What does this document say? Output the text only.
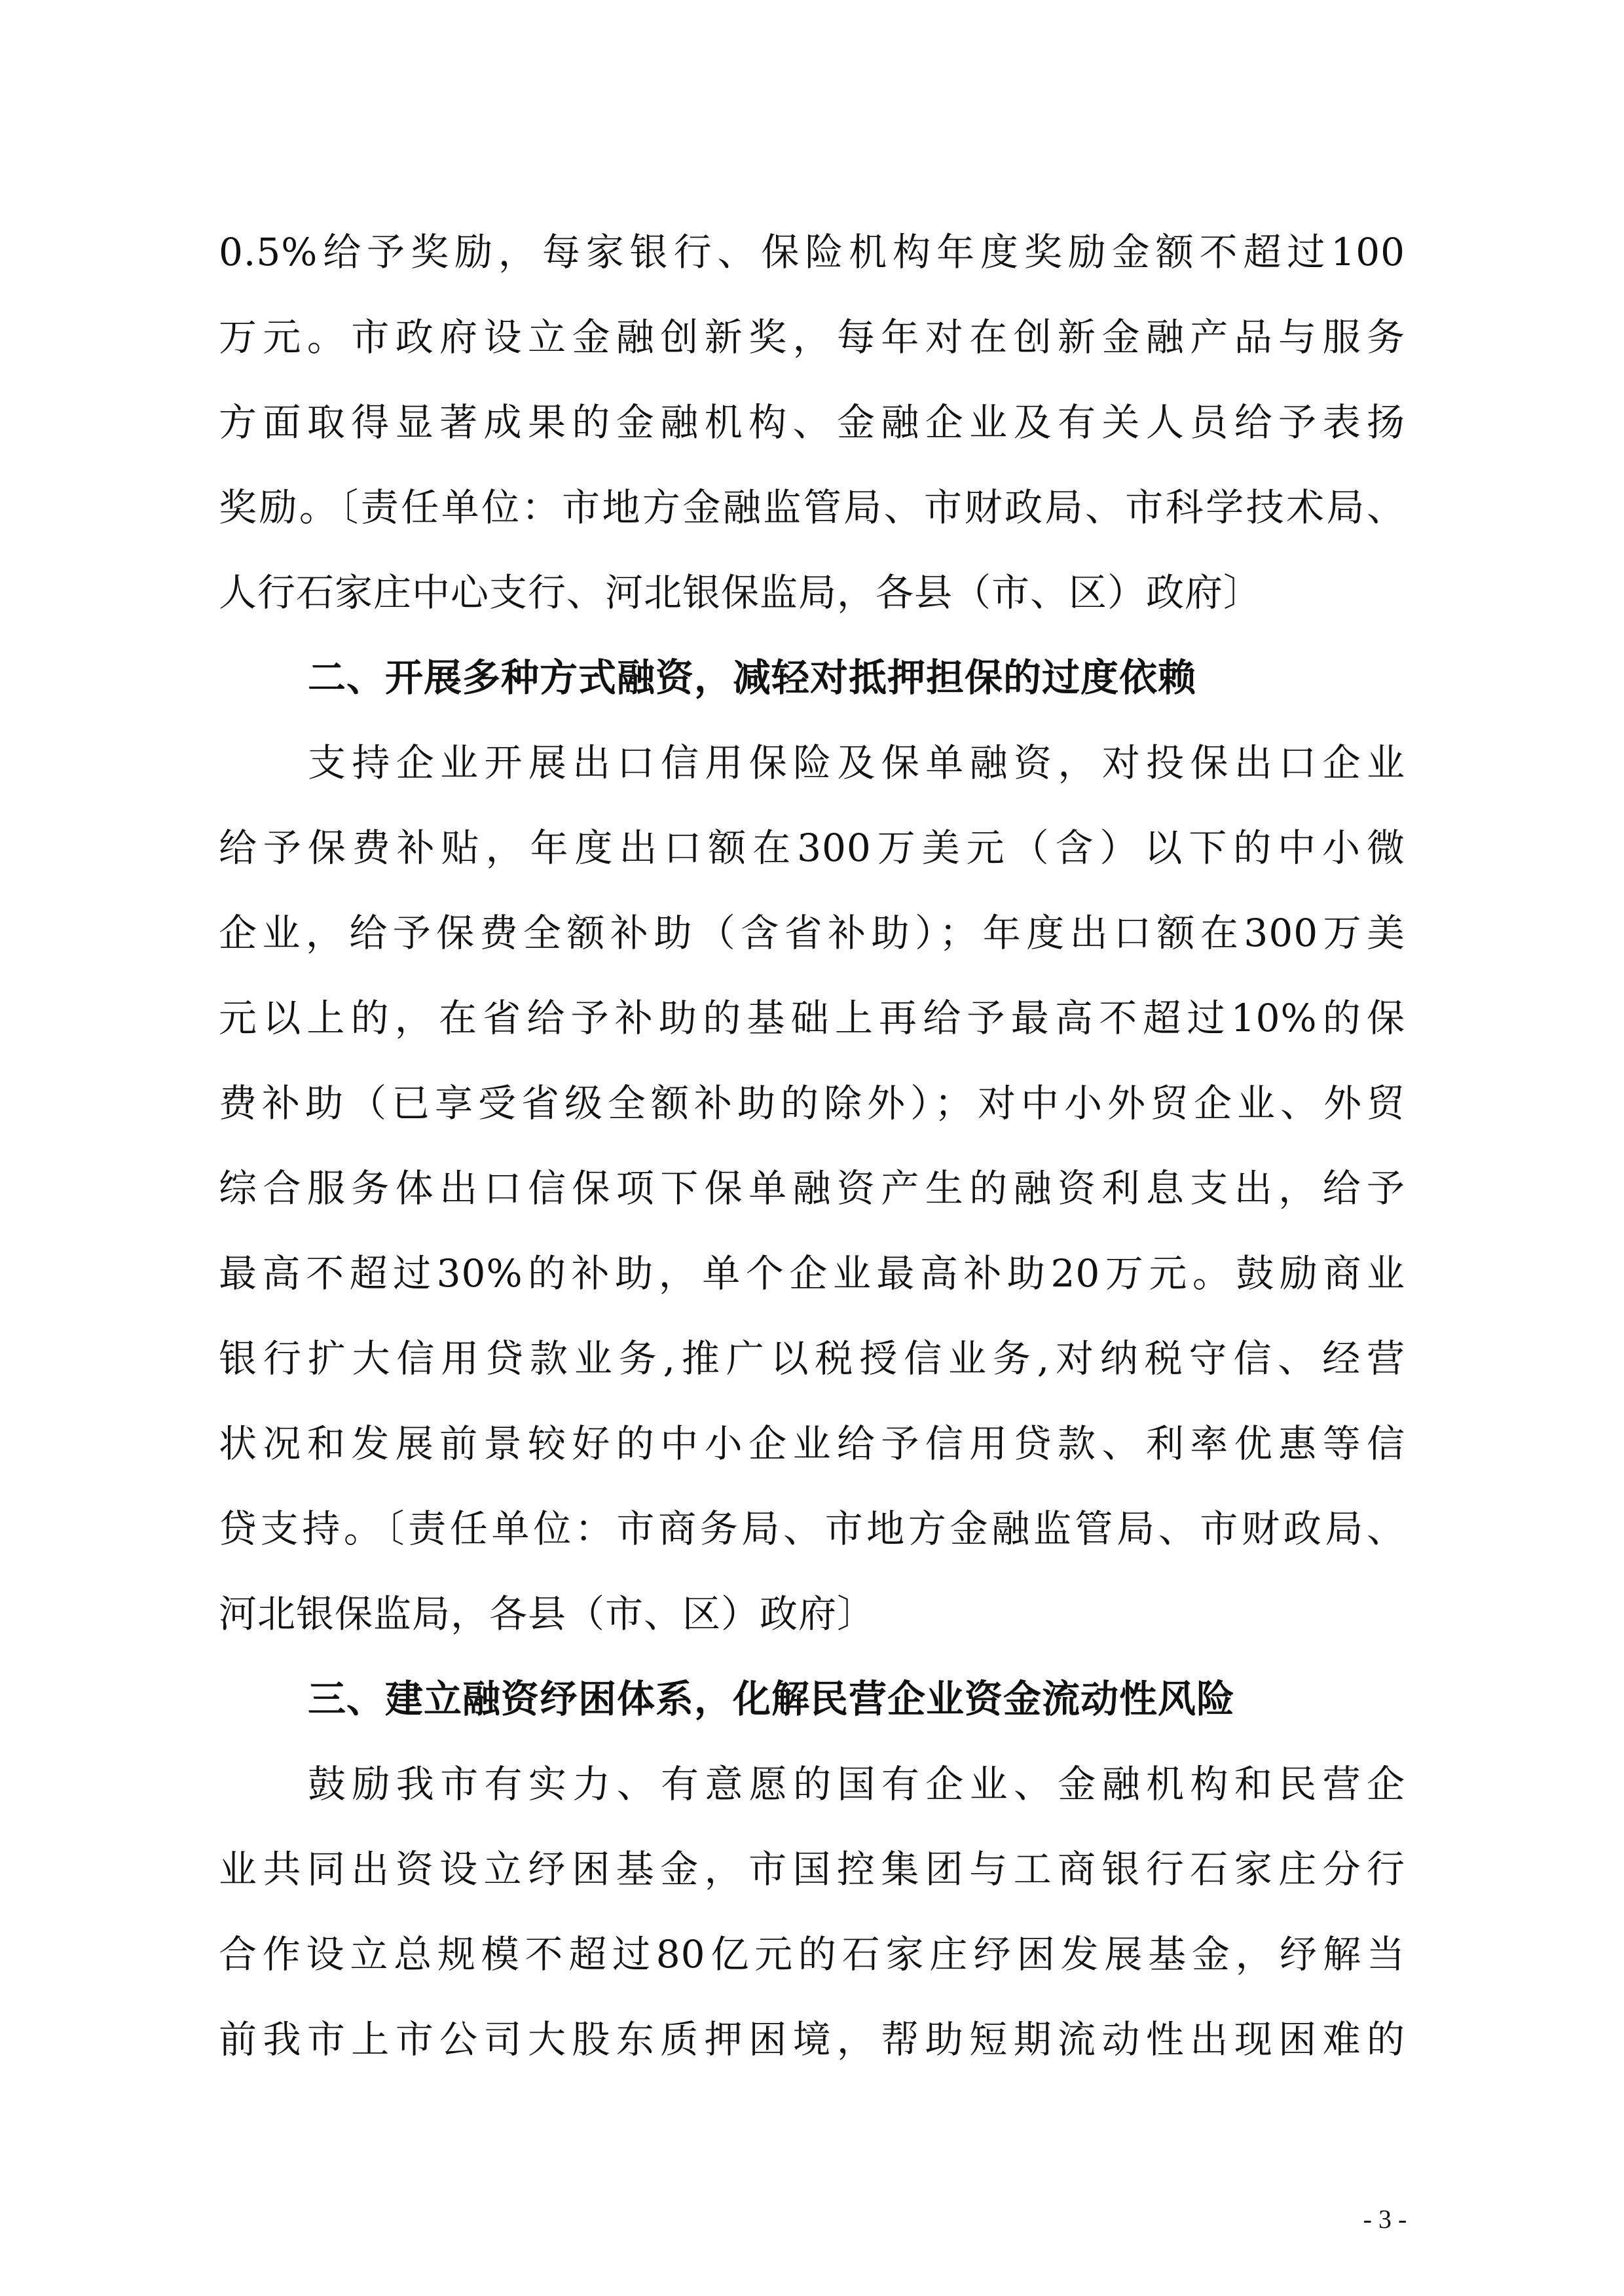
0.5%给予奖励，每家银行、保险机构年度奖励金额不超过100
万元。市政府设立金融创新奖，每年对在创新金融产品与服务
方面取得显著成果的金融机构、金融企业及有关人员给予表扬
奖励。〔责任单位：市地方金融监管局、市财政局、市科学技术局、
人行石家庄中心支行、河北银保监局，各县（市、区）政府〕
二、开展多种方式融资，减轻对抵押担保的过度依赖
支持企业开展出口信用保险及保单融资，对投保出口企业
给予保费补贴，年度出口额在300万美元（含）以下的中小微
企业，给予保费全额补助（含省补助）；年度出口额在300万美
元以上的，在省给予补助的基础上再给予最高不超过10%的保
费补助（已享受省级全额补助的除外）；对中小外贸企业、外贸
综合服务体出口信保项下保单融资产生的融资利息支出，给予
最高不超过30%的补助，单个企业最高补助20万元。鼓励商业
银行扩大信用贷款业务,推广以税授信业务,对纳税守信、经营
状况和发展前景较好的中小企业给予信用贷款、利率优惠等信
贷支持。〔责任单位：市商务局、市地方金融监管局、市财政局、
河北银保监局，各县（市、区）政府〕
三、建立融资纾困体系，化解民营企业资金流动性风险
鼓励我市有实力、有意愿的国有企业、金融机构和民营企
业共同出资设立纾困基金，市国控集团与工商银行石家庄分行
合作设立总规模不超过80亿元的石家庄纾困发展基金，纾解当
前我市上市公司大股东质押困境，帮助短期流动性出现困难的
- 3 -
